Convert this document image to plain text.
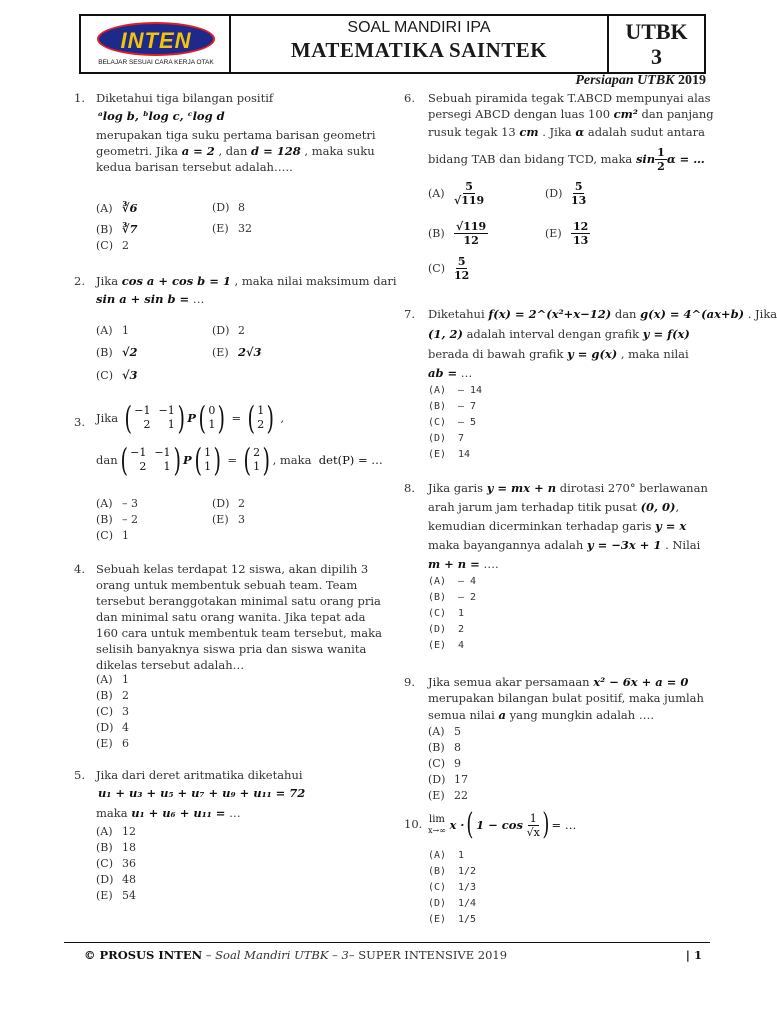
INTEN
BELAJAR SESUAI CARA KERJA OTAK
SOAL MANDIRI IPA
MATEMATIKA SAINTEK
UTBK
3
Persiapan UTBK 2019
1. Diketahui tiga bilangan positif
ᵃlog b, ᵇlog c, ᶜlog d
merupakan tiga suku pertama barisan geometri
geometri. Jika a = 2 , dan d = 128 , maka suku
kedua barisan tersebut adalah…..
(A) ∛6	(D) 8
(B) ∛7	(E) 32
(C) 2
2. Jika cos a + cos b = 1 , maka nilai maksimum dari
sin a + sin b = …
(A) 1	(D) 2
(B) √2	(E) 2√3
(C) √3
3. Jika
( −1 −1
2	1 ) P ( 0
1 )
=
( 1
2 )
,
dan ( −1 −1
2	1 ) P ( 1
1 )
=
( 2
1 ) , maka
det(P) = …
(A) – 3	(D) 2
(B) – 2	(E) 3
(C) 1
4. Sebuah kelas terdapat 12 siswa, akan dipilih 3
orang untuk membentuk sebuah team. Team
tersebut beranggotakan minimal satu orang pria
dan minimal satu orang wanita. Jika tepat ada
160 cara untuk membentuk team tersebut, maka
selisih banyaknya siswa pria dan siswa wanita
dikelas tersebut adalah…
(A) 1
(B) 2
(C) 3
(D) 4
(E) 6
5. Jika dari deret aritmatika diketahui
u₁ + u₃ + u₅ + u₇ + u₉ + u₁₁ = 72
maka u₁ + u₆ + u₁₁ = …
(A) 12
(B) 18
(C) 36
(D) 48
(E) 54
6. Sebuah piramida tegak T.ABCD mempunyai alas
persegi ABCD dengan luas 100 cm² dan panjang
rusuk tegak 13 cm . Jika α adalah sudut antara
bidang TAB dan bidang TCD, maka
$\sin \frac{1}{2}$ α = …
$(A) \frac{5}{√119}$	$(D) \frac{5}{13}$
$(B) \frac{√119}{12}$	$(E) \frac{12}{13}$
$(C) \frac{5}{12}$
7. Diketahui f(x) = 2^(x²+x−12) dan g(x) = 4^(ax+b) . Jika
(1, 2) adalah interval dengan grafik y = f(x)
berada di bawah grafik y = g(x) , maka nilai
ab = …
(A) – 14
(B) – 7
(C) – 5
(D) 7
(E) 14
8. Jika garis y = mx + n dirotasi 270° berlawanan
arah jarum jam terhadap titik pusat (0, 0),
kemudian dicerminkan terhadap garis y = x
maka bayangannya adalah y = −3x + 1 . Nilai
m + n = ….
(A) – 4
(B) – 2
(C) 1
(D) 2
(E) 4
9. Jika semua akar persamaan x² − 6x + a = 0
merupakan bilangan bulat positif, maka jumlah
semua nilai a yang mungkin adalah ….
(A) 5
(B) 8
(C) 9
(D) 17
(E) 22
10. lim
x→∞
x · ( 1 − cos
$\frac{1}{√x}$ ) = …
(A) 1
(B) 1/2
(C) 1/3
(D) 1/4
(E) 1/5
© PROSUS INTEN – Soal Mandiri UTBK – 3– SUPER INTENSIVE 2019	| 1
